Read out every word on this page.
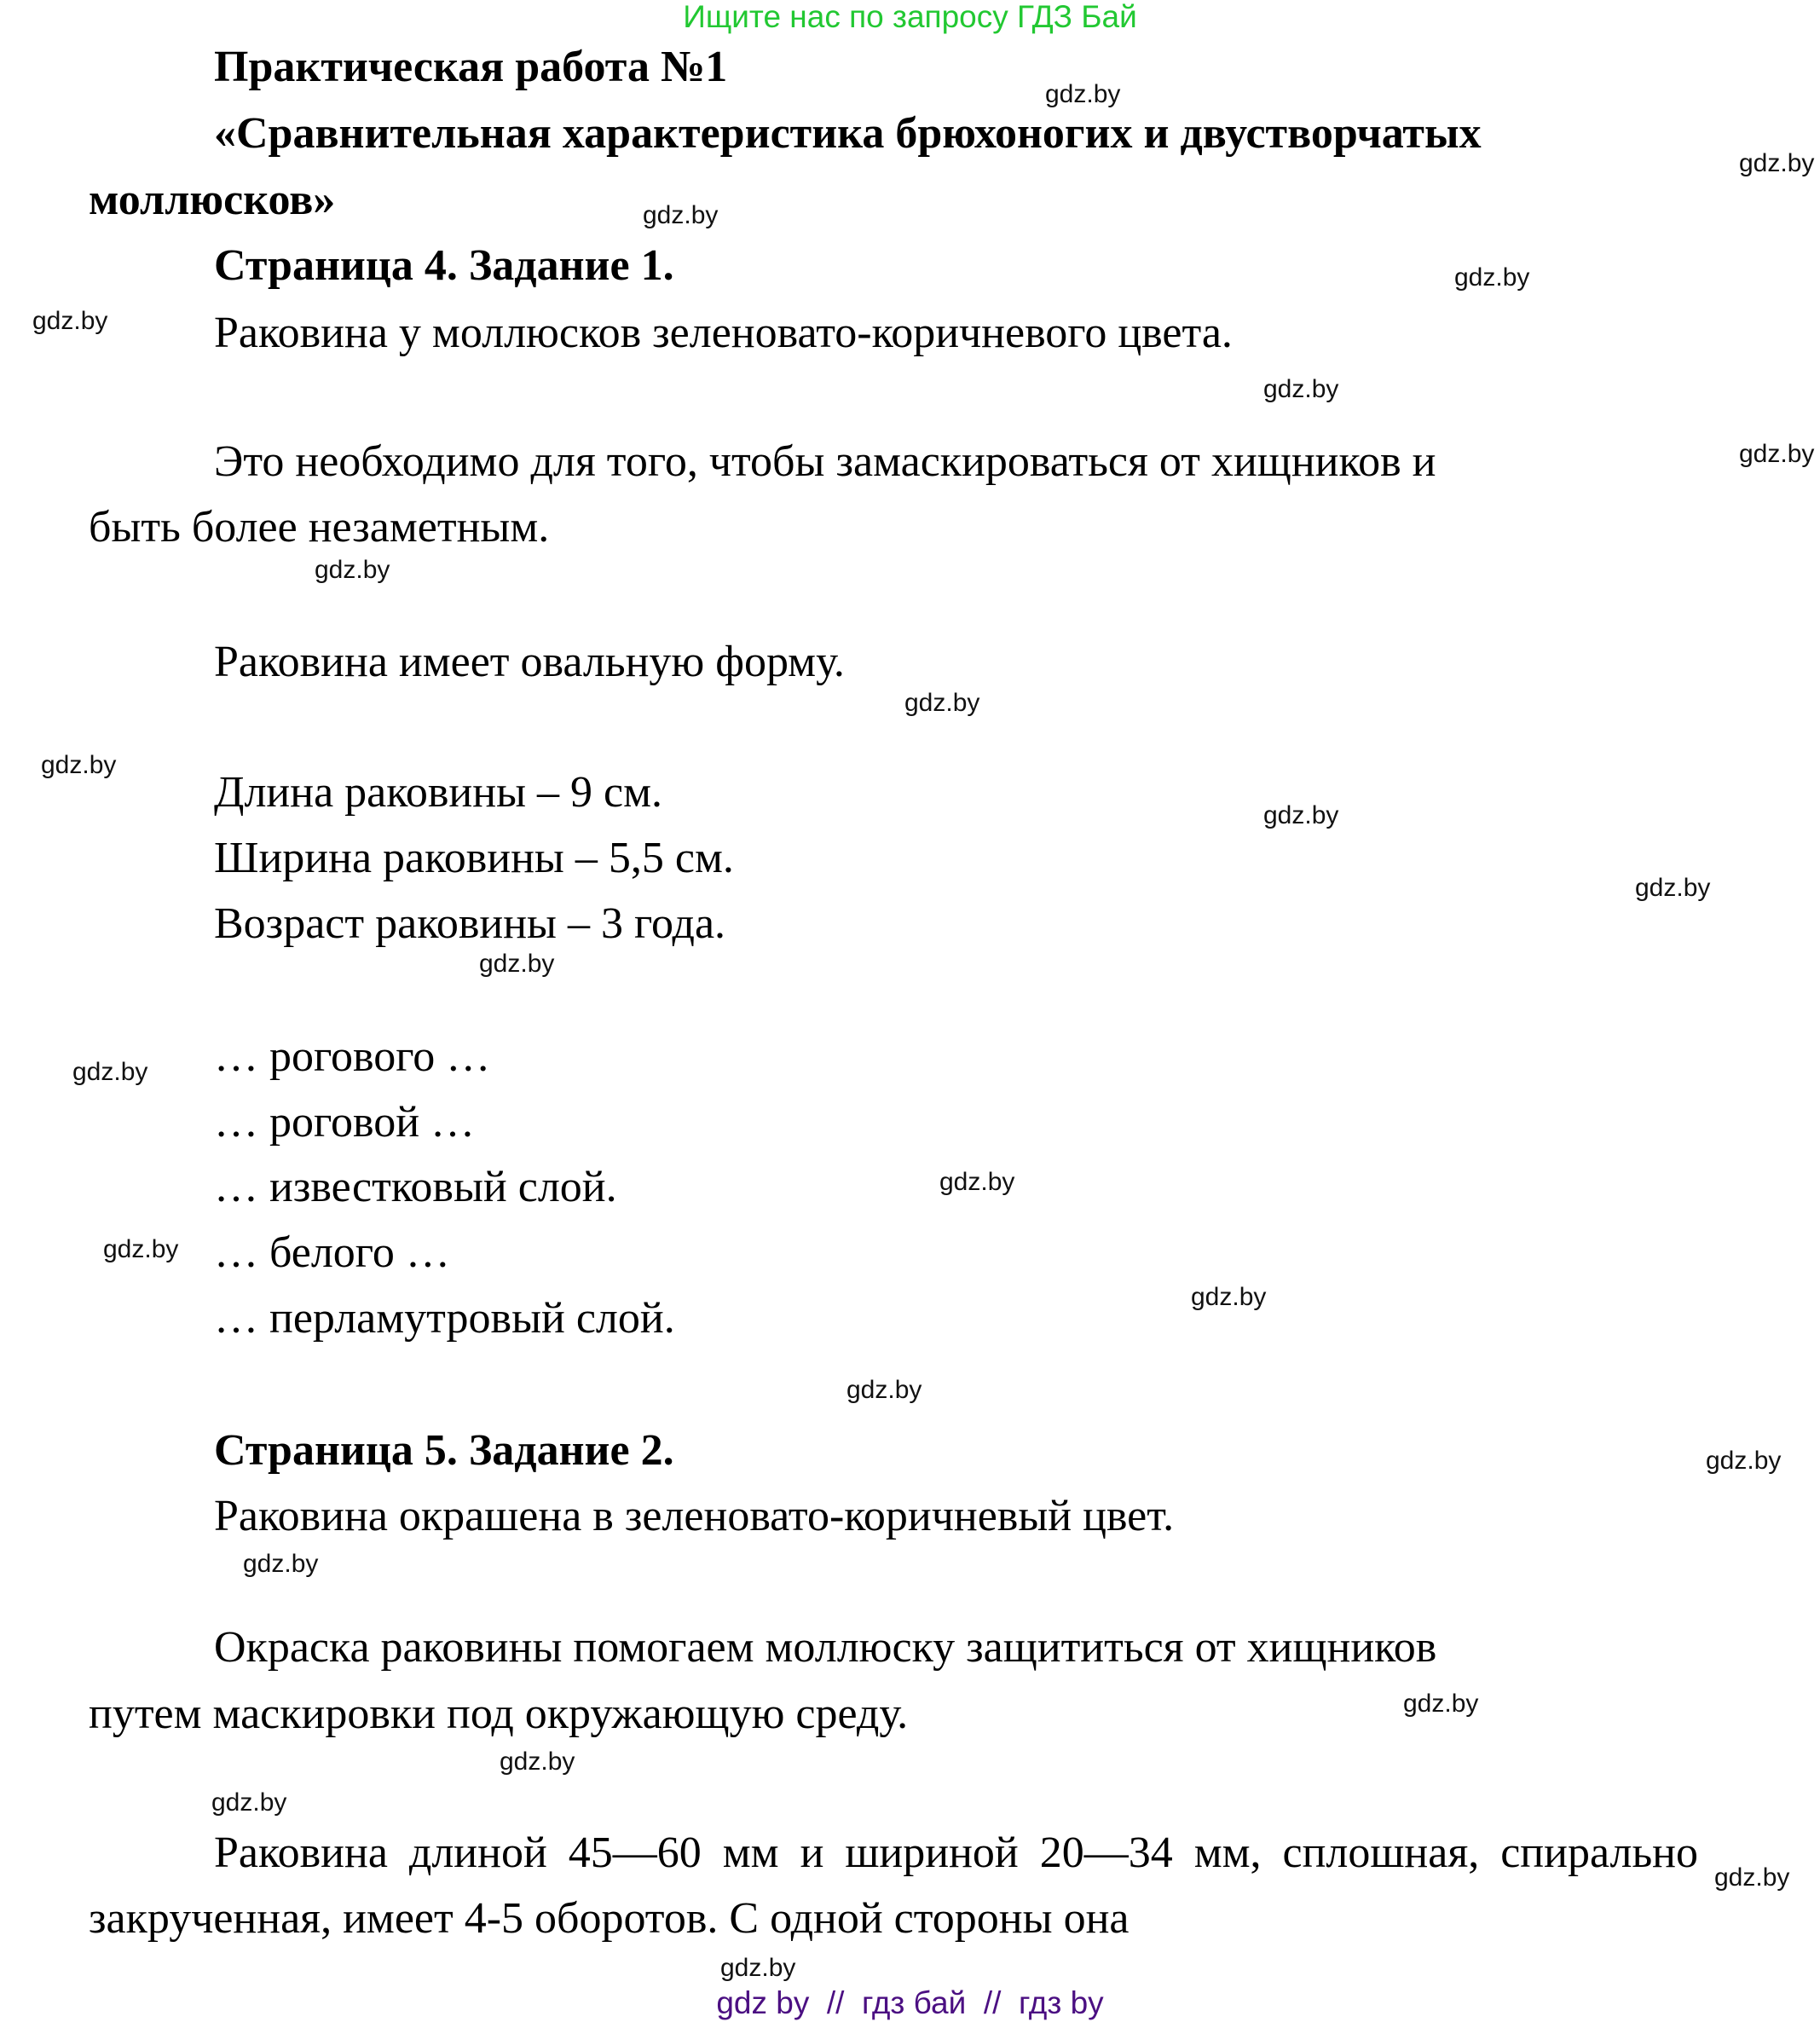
Ищите нас по запросу ГДЗ Бай
Практическая работа №1
«Сравнительная характеристика брюхоногих и двустворчатых
моллюсков»
Страница 4. Задание 1.
Раковина у моллюсков зеленовато-коричневого цвета.
Это необходимо для того, чтобы замаскироваться от хищников и
быть более незаметным.
Раковина имеет овальную форму.
Длина раковины – 9 см.
Ширина раковины – 5,5 см.
Возраст раковины – 3 года.
… рогового …
… роговой …
… известковый слой.
… белого …
… перламутровый слой.
Страница 5. Задание 2.
Раковина окрашена в зеленовато-коричневый цвет.
Окраска раковины помогаем моллюску защититься от хищников
путем маскировки под окружающую среду.
Раковина длиной 45—60 мм и шириной 20—34 мм, сплошная, спирально закрученная, имеет 4-5 оборотов. С одной стороны она
gdz.by
gdz.by
gdz.by
gdz.by
gdz.by
gdz.by
gdz.by
gdz.by
gdz.by
gdz.by
gdz.by
gdz.by
gdz.by
gdz.by
gdz.by
gdz.by
gdz.by
gdz.by
gdz.by
gdz.by
gdz.by
gdz.by
gdz.by
gdz.by
gdz.by
gdz by  //  гдз бай  //  гдз by
